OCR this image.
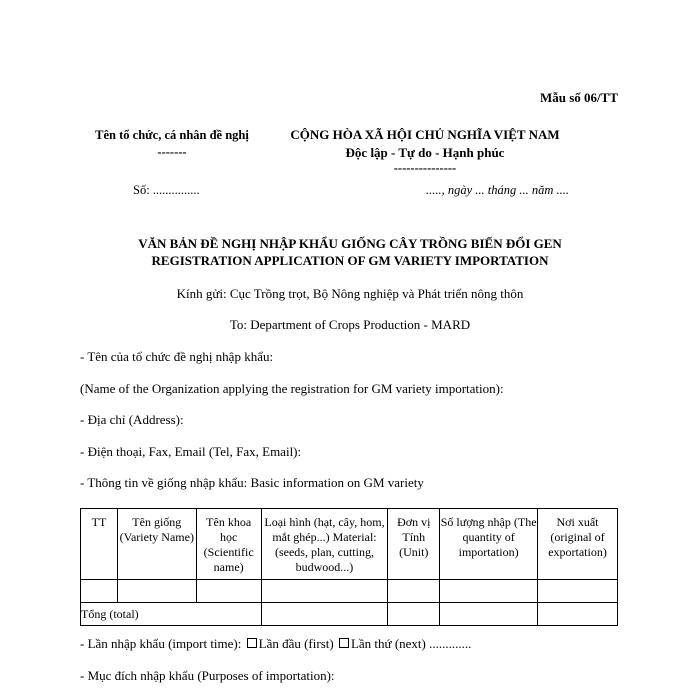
Mẫu số 06/TT
Tên tổ chức, cá nhân đề nghị
-------
Số: ...............
CỘNG HÒA XÃ HỘI CHỦ NGHĨA VIỆT NAM
Độc lập - Tự do - Hạnh phúc
---------------
....., ngày ... tháng ... năm ....
VĂN BẢN ĐỀ NGHỊ NHẬP KHẨU GIỐNG CÂY TRỒNG BIẾN ĐỔI GEN
REGISTRATION APPLICATION OF GM VARIETY IMPORTATION
Kính gửi: Cục Trồng trọt, Bộ Nông nghiệp và Phát triển nông thôn
To: Department of Crops Production - MARD
- Tên của tổ chức đề nghị nhập khẩu:
(Name of the Organization applying the registration for GM variety importation):
- Địa chỉ (Address):
- Điện thoại, Fax, Email (Tel, Fax, Email):
- Thông tin về giống nhập khẩu: Basic information on GM variety
TT	Tên giống (Variety Name)	Tên khoa học (Scientific name)	Loại hình (hạt, cây, hom, mắt ghép...) Material: (seeds, plan, cutting, budwood...)	Đơn vị Tính (Unit)	Số lượng nhập (The quantity of importation)	Nơi xuất (original of exportation)

Tổng (total)						
- Lần nhập khẩu (import time): Lần đầu (first) Lần thứ (next) .............
- Mục đích nhập khẩu (Purposes of importation):
